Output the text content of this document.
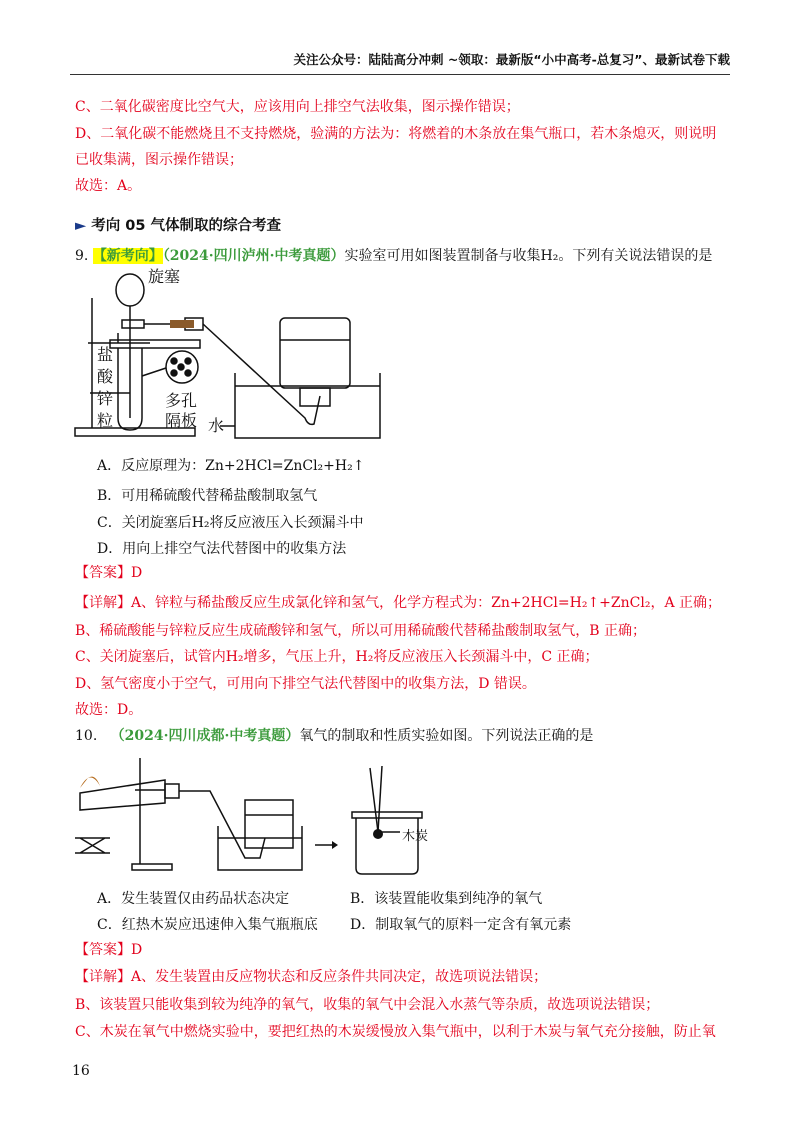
关注公众号：陆陆高分冲刺 ~领取：最新版“小中高考-总复习”、最新试卷下载
C、二氧化碳密度比空气大，应该用向上排空气法收集，图示操作错误；
D、二氧化碳不能燃烧且不支持燃烧，验满的方法为：将燃着的木条放在集气瓶口，若木条熄灭，则说明
已收集满，图示操作错误；
故选：A。
► 考向 05 气体制取的综合考查
9. 【新考向】（2024·四川泸州·中考真题）实验室可用如图装置制备与收集H₂。下列有关说法错误的是
旋塞
盐
酸
锌
粒
多孔
隔板 水
A．反应原理为：Zn+2HCl=ZnCl₂+H₂↑
B．可用稀硫酸代替稀盐酸制取氢气
C．关闭旋塞后H₂将反应液压入长颈漏斗中
D．用向上排空气法代替图中的收集方法
【答案】D
【详解】A、锌粒与稀盐酸反应生成氯化锌和氢气，化学方程式为：Zn+2HCl=H₂↑+ZnCl₂，A 正确；
B、稀硫酸能与锌粒反应生成硫酸锌和氢气，所以可用稀硫酸代替稀盐酸制取氢气，B 正确；
C、关闭旋塞后，试管内H₂增多，气压上升，H₂将反应液压入长颈漏斗中，C 正确；
D、氢气密度小于空气，可用向下排空气法代替图中的收集方法，D 错误。
故选：D。
10. （2024·四川成都·中考真题）氧气的制取和性质实验如图。下列说法正确的是
木炭
A．发生装置仅由药品状态决定	B．该装置能收集到纯净的氧气
C．红热木炭应迅速伸入集气瓶瓶底 D．制取氧气的原料一定含有氧元素
【答案】D
【详解】A、发生装置由反应物状态和反应条件共同决定，故选项说法错误；
B、该装置只能收集到较为纯净的氧气，收集的氧气中会混入水蒸气等杂质，故选项说法错误；
C、木炭在氧气中燃烧实验中，要把红热的木炭缓慢放入集气瓶中，以利于木炭与氧气充分接触，防止氧
16
